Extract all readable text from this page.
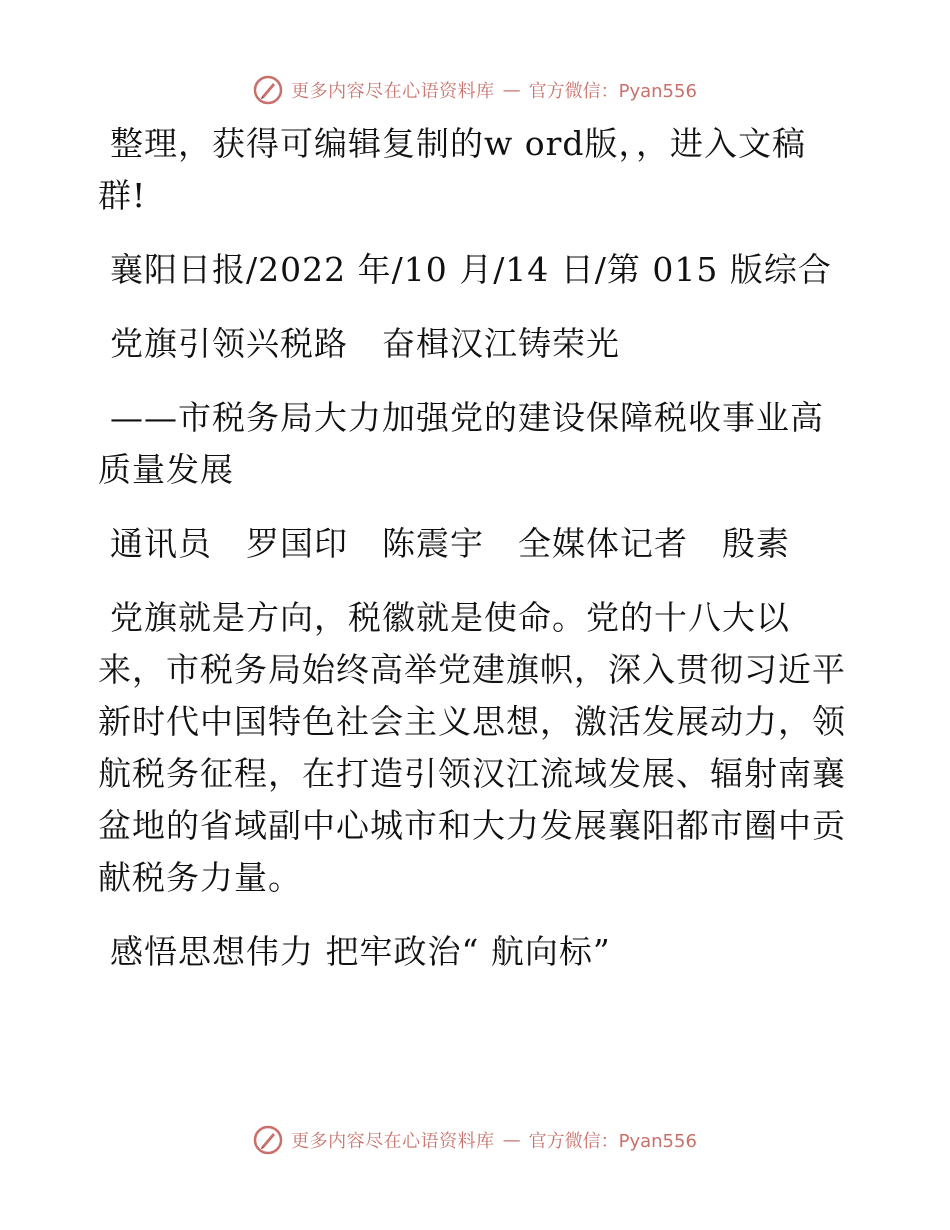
更多内容尽在心语资料库 — 官方微信：Pyan556
整理，获得可编辑复制的w ord版，，进入文稿
群!
襄阳日报/2022 年/10 月/14 日/第 015 版综合
党旗引领兴税路　奋楫汉江铸荣光
——市税务局大力加强党的建设保障税收事业高
质量发展
通讯员　罗国印　陈震宇　全媒体记者　殷素
党旗就是方向，税徽就是使命。党的十八大以
来，市税务局始终高举党建旗帜，深入贯彻习近平
新时代中国特色社会主义思想，激活发展动力，领
航税务征程，在打造引领汉江流域发展、辐射南襄
盆地的省域副中心城市和大力发展襄阳都市圈中贡
献税务力量。
感悟思想伟力 把牢政治“ 航向标”
更多内容尽在心语资料库 — 官方微信：Pyan556
